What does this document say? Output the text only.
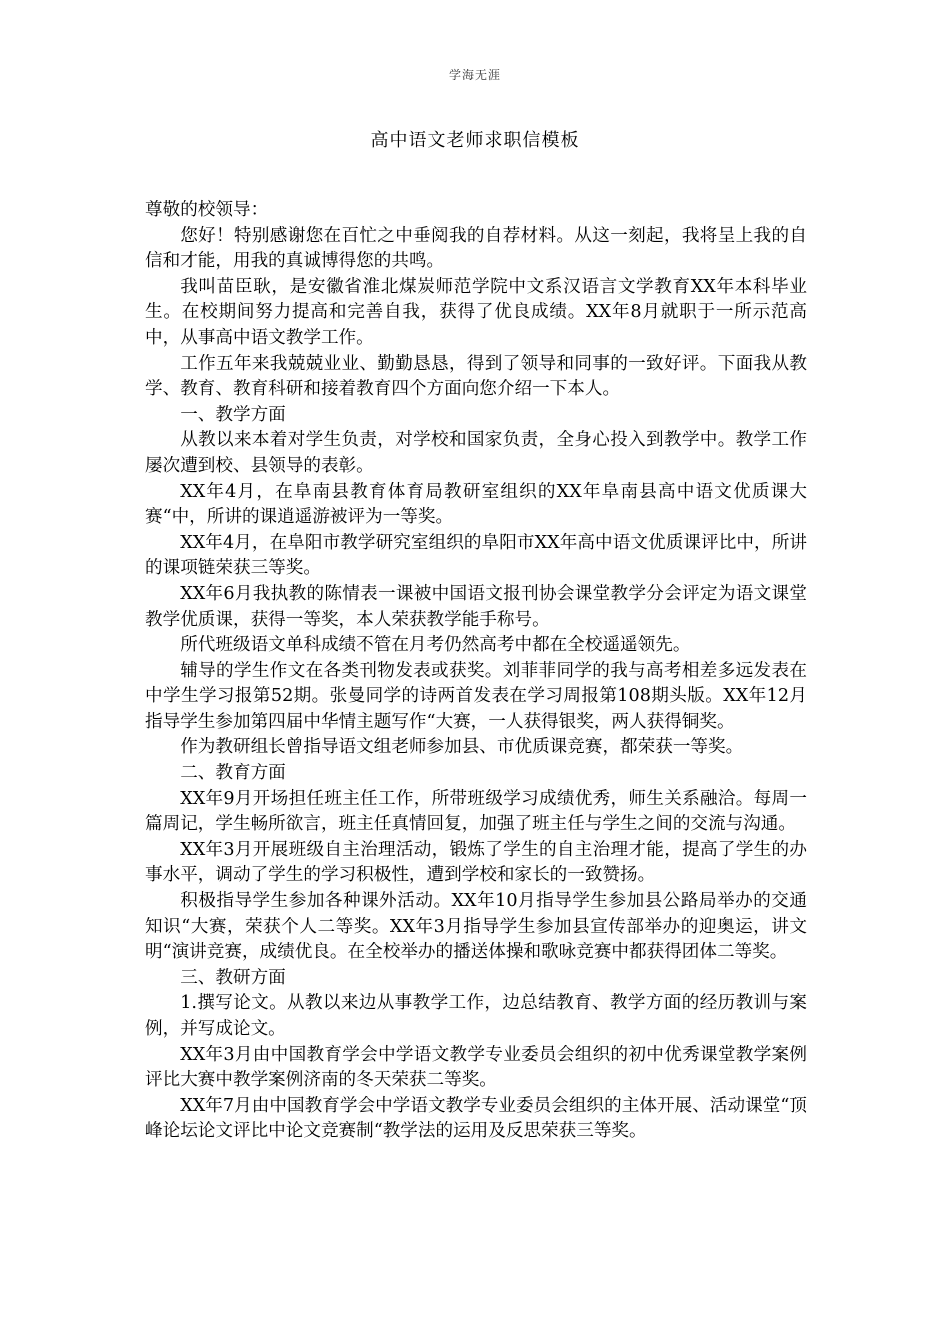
学海无涯
高中语文老师求职信模板

尊敬的校领导：

您好！特别感谢您在百忙之中垂阅我的自荐材料。从这一刻起，我将呈上我的自信和才能，用我的真诚博得您的共鸣。

我叫苗臣耿，是安徽省淮北煤炭师范学院中文系汉语言文学教育XX年本科毕业生。在校期间努力提高和完善自我，获得了优良成绩。XX年8月就职于一所示范高中，从事高中语文教学工作。

工作五年来我兢兢业业、勤勤恳恳，得到了领导和同事的一致好评。下面我从教学、教育、教育科研和接着教育四个方面向您介绍一下本人。

一、教学方面

从教以来本着对学生负责，对学校和国家负责，全身心投入到教学中。教学工作屡次遭到校、县领导的表彰。

XX年4月，在阜南县教育体育局教研室组织的XX年阜南县高中语文优质课大赛“中，所讲的课逍遥游被评为一等奖。

XX年4月，在阜阳市教学研究室组织的阜阳市XX年高中语文优质课评比中，所讲的课项链荣获三等奖。

XX年6月我执教的陈情表一课被中国语文报刊协会课堂教学分会评定为语文课堂教学优质课，获得一等奖，本人荣获教学能手称号。

所代班级语文单科成绩不管在月考仍然高考中都在全校遥遥领先。

辅导的学生作文在各类刊物发表或获奖。刘菲菲同学的我与高考相差多远发表在中学生学习报第52期。张曼同学的诗两首发表在学习周报第108期头版。XX年12月指导学生参加第四届中华情主题写作“大赛，一人获得银奖，两人获得铜奖。

作为教研组长曾指导语文组老师参加县、市优质课竞赛，都荣获一等奖。

二、教育方面

XX年9月开场担任班主任工作，所带班级学习成绩优秀，师生关系融洽。每周一篇周记，学生畅所欲言，班主任真情回复，加强了班主任与学生之间的交流与沟通。

XX年3月开展班级自主治理活动，锻炼了学生的自主治理才能，提高了学生的办事水平，调动了学生的学习积极性，遭到学校和家长的一致赞扬。

积极指导学生参加各种课外活动。XX年10月指导学生参加县公路局举办的交通知识“大赛，荣获个人二等奖。XX年3月指导学生参加县宣传部举办的迎奥运，讲文明“演讲竞赛，成绩优良。在全校举办的播送体操和歌咏竞赛中都获得团体二等奖。

三、教研方面

1.撰写论文。从教以来边从事教学工作，边总结教育、教学方面的经历教训与案例，并写成论文。

XX年3月由中国教育学会中学语文教学专业委员会组织的初中优秀课堂教学案例评比大赛中教学案例济南的冬天荣获二等奖。

XX年7月由中国教育学会中学语文教学专业委员会组织的主体开展、活动课堂“顶峰论坛论文评比中论文竞赛制“教学法的运用及反思荣获三等奖。
